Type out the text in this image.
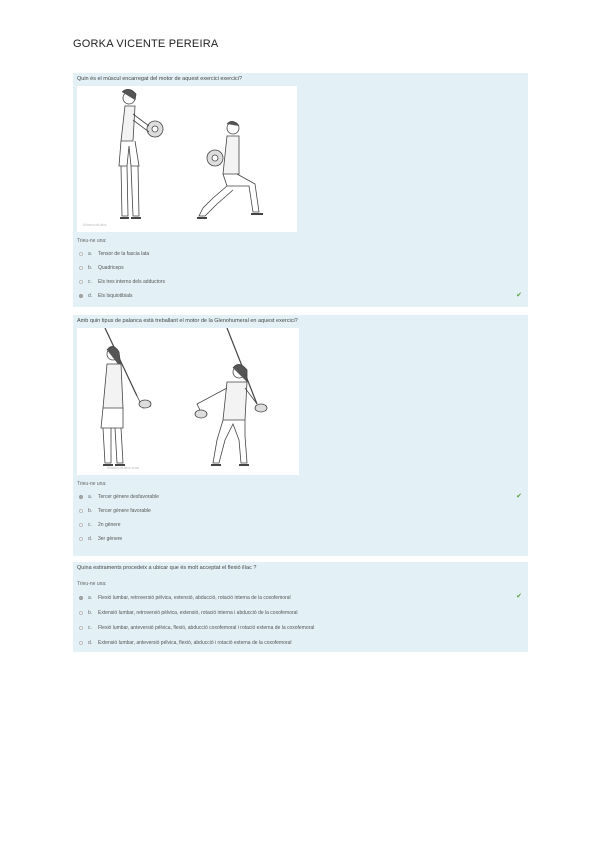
GORKA VICENTE PEREIRA
Quin és el múscul encarregat del motor de aquest exercici exercici?
WorkoutLabs
Trieu-ne una:
a.	Tensor de la fascia lata
b.	Quadriceps
c.	Els tres interns dels adductors
d.	Els Isquiotibials	✔
Amb quin tipus de palanca està treballant el motor de la Glenohumeral en aquest exercici?
WorkoutLabs.com
Trieu-ne una:
a.	Tercer gènere desfavorable	✔
b.	Tercer gènere favorable
c.	2n gènere
d.	3er gènere
Quina estiraments procedeix a ubicar que és molt acceptat el flexió ilíac ?
Trieu-ne una:
a.	Flexió lumbar, retroversió pélvica, extensió, abducció, rotació interna de la coxofemoral	✔
b.	Extensió lumbar, retroversió pèlvica, extensió, rotació interna i abducció de la coxofemoral
c.	Flexió lumbar, anteversió pélvica, flexió, abducció coxofemoral i rotació externa de la coxofemoral
d.	Extensió lumbar, anteversió pélvica, flexió, abducció i rotació externa de la coxofemoral
